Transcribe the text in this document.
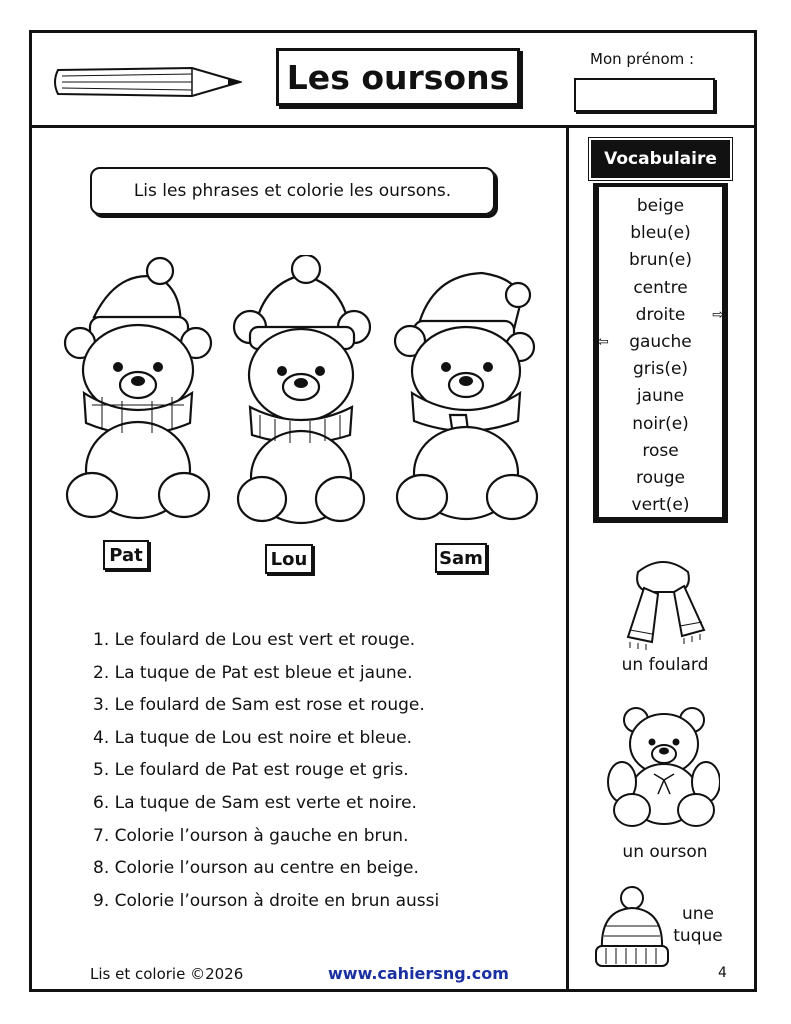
Les oursons	Mon prénom :
Lis les phrases et colorie les oursons.
Pat	Lou	Sam
1. Le foulard de Lou est vert et rouge.
2. La tuque de Pat est bleue et jaune.
3. Le foulard de Sam est rose et rouge.
4. La tuque de Lou est noire et bleue.
5. Le foulard de Pat est rouge et gris.
6. La tuque de Sam est verte et noire.
7. Colorie l’ourson à gauche en brun.
8. Colorie l’ourson au centre en beige.
9. Colorie l’ourson à droite en brun aussi
Vocabulaire
beige
bleu(e)
brun(e)
centre
droite ⇨
⇦ gauche
gris(e)
jaune
noir(e)
rose
rouge
vert(e)
un foulard
un ourson
une
tuque
Lis et colorie ©2026	www.cahiersng.com	4
